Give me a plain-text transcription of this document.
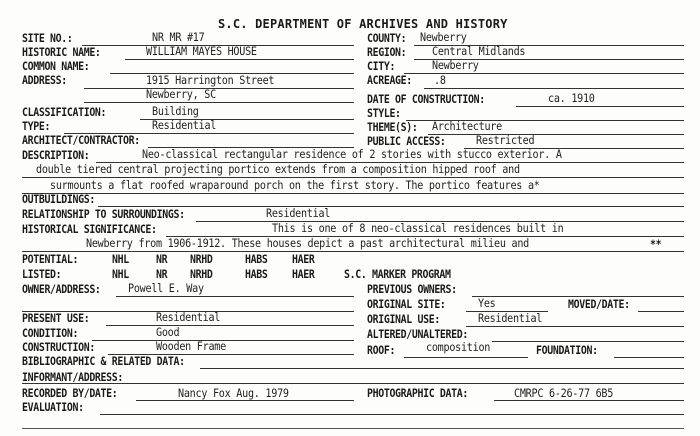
S.C. DEPARTMENT OF ARCHIVES AND HISTORY
SITE NO.:	NR MR #17	COUNTY: Newberry
HISTORIC NAME:	WILLIAM MAYES HOUSE	REGION: Central Midlands
COMMON NAME:	CITY:	Newberry
ADDRESS:	1915 Harrington Street
Newberry, SC
ACREAGE: .8
DATE OF CONSTRUCTION:	ca. 1910
CLASSIFICATION:	Building	STYLE:
TYPE:	Residential	THEME(S): Architecture
ARCHITECT/CONTRACTOR:	PUBLIC ACCESS:	Restricted
DESCRIPTION:	Neo-classical rectangular residence of 2 stories with stucco exterior. A
double tiered central projecting portico extends from a composition hipped roof and
surmounts a flat roofed wraparound porch on the first story. The portico features a*
OUTBUILDINGS:
RELATIONSHIP TO SURROUNDINGS:	Residential
HISTORICAL SIGNIFICANCE:	This is one of 8 neo-classical residences built in
Newberry from 1906-1912. These houses depict a past architectural milieu and	**
POTENTIAL:	NHL NR NRHD	HABS HAER
LISTED:	NHL NR NRHD	HABS HAER	S.C. MARKER PROGRAM
OWNER/ADDRESS: Powell E. Way	PREVIOUS OWNERS:
ORIGINAL SITE:	Yes	MOVED/DATE:
PRESENT USE:	Residential	ORIGINAL USE:	Residential
CONDITION:	Good	ALTERED/UNALTERED:
CONSTRUCTION:	Wooden Frame	ROOF:	composition	FOUNDATION:
BIBLIOGRAPHIC & RELATED DATA:
INFORMANT/ADDRESS:
RECORDED BY/DATE:	Nancy Fox Aug. 1979	PHOTOGRAPHIC DATA:	CMRPC 6-26-77 6B5
EVALUATION:
